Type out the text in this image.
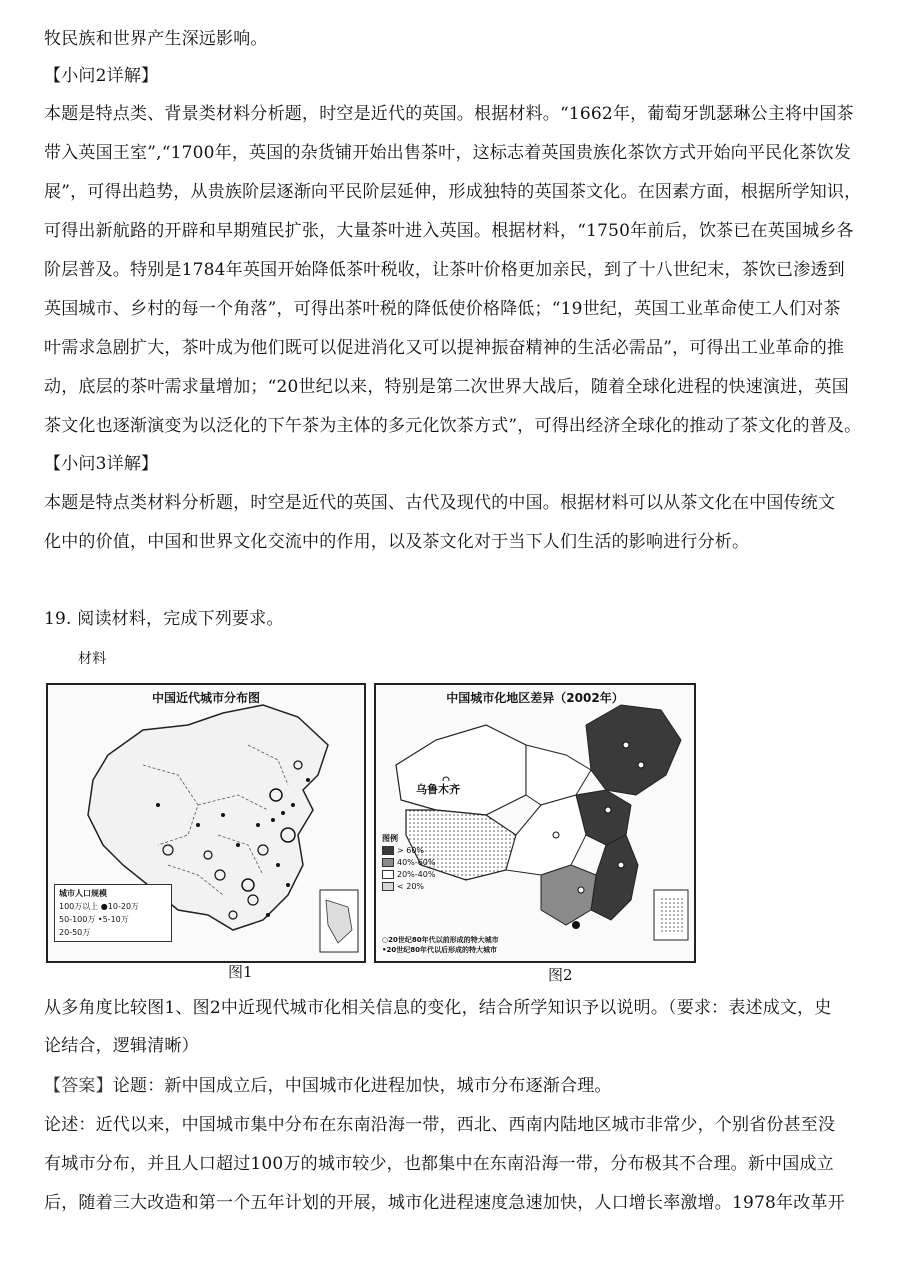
牧民族和世界产生深远影响。

【小问2详解】

本题是特点类、背景类材料分析题，时空是近代的英国。根据材料。“1662年，葡萄牙凯瑟琳公主将中国茶

带入英国王室”,“1700年，英国的杂货铺开始出售茶叶，这标志着英国贵族化茶饮方式开始向平民化茶饮发

展”，可得出趋势，从贵族阶层逐渐向平民阶层延伸，形成独特的英国茶文化。在因素方面，根据所学知识，

可得出新航路的开辟和早期殖民扩张，大量茶叶进入英国。根据材料，“1750年前后，饮茶已在英国城乡各

阶层普及。特别是1784年英国开始降低茶叶税收，让茶叶价格更加亲民，到了十八世纪末，茶饮已渗透到

英国城市、乡村的每一个角落”，可得出茶叶税的降低使价格降低；“19世纪，英国工业革命使工人们对茶

叶需求急剧扩大，茶叶成为他们既可以促进消化又可以提神振奋精神的生活必需品”，可得出工业革命的推

动，底层的茶叶需求量增加；“20世纪以来，特别是第二次世界大战后，随着全球化进程的快速演进，英国

茶文化也逐渐演变为以泛化的下午茶为主体的多元化饮茶方式”，可得出经济全球化的推动了茶文化的普及。

【小问3详解】

本题是特点类材料分析题，时空是近代的英国、古代及现代的中国。根据材料可以从茶文化在中国传统文

化中的价值，中国和世界文化交流中的作用，以及茶文化对于当下人们生活的影响进行分析。

19. 阅读材料，完成下列要求。

材料

中国近代城市分布图
城市人口规模
100万以上 ●10-20万
50-100万 •5-10万
20-50万
图1
中国城市化地区差异（2002年）
乌鲁木齐
图例
> 60%
40%-60%
20%-40%
< 20%
○20世纪80年代以前形成的特大城市
•20世纪80年代以后形成的特大城市
图2

从多角度比较图1、图2中近现代城市化相关信息的变化，结合所学知识予以说明。（要求：表述成文，史

论结合，逻辑清晰）

【答案】论题：新中国成立后，中国城市化进程加快，城市分布逐渐合理。

论述：近代以来，中国城市集中分布在东南沿海一带，西北、西南内陆地区城市非常少，个别省份甚至没

有城市分布，并且人口超过100万的城市较少，也都集中在东南沿海一带，分布极其不合理。新中国成立

后，随着三大改造和第一个五年计划的开展，城市化进程速度急速加快，人口增长率激增。1978年改革开
